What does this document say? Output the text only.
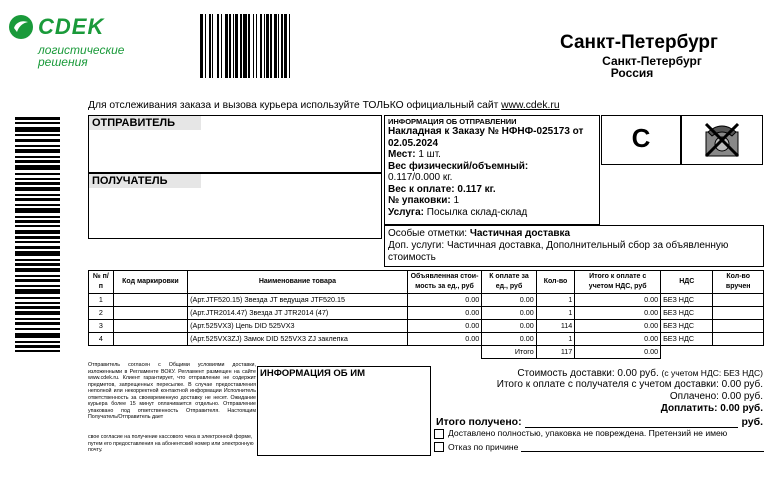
СDEK
логистические
решения
Санкт-Петербург
Санкт-Петербург
Россия
Для отслеживания заказа и вызова курьера используйте ТОЛЬКО официальный сайт www.cdek.ru
ОТПРАВИТЕЛЬ
ПОЛУЧАТЕЛЬ
ИНФОРМАЦИЯ ОБ ОТПРАВЛЕНИИ
Накладная к Заказу № НФНФ-025173 от 02.05.2024
Мест: 1 шт.
Вес физический/объемный:
0.117/0.000 кг.
Вес к оплате: 0.117 кг.
№ упаковки: 1
Услуга: Посылка склад-склад
C
Особые отметки: Частичная доставка
Доп. услуги: Частичная доставка, Дополнительный сбор за объявленную стоимость
№ п/п	Код маркировки	Наименование товара	Объявленная стои-мость за ед., руб	К оплате за ед., руб	Кол-во	Итого к оплате с учетом НДС, руб	НДС	Кол-во вручен
1		(Арт.JTF520.15) Звезда JT ведущая JTF520.15	0.00	0.00	1	0.00	БЕЗ НДС	
2		(Арт.JTR2014.47) Звезда JT JTR2014 (47)	0.00	0.00	1	0.00	БЕЗ НДС	
3		(Арт.525VX3) Цепь DID 525VX3	0.00	0.00	114	0.00	БЕЗ НДС	
4		(Арт.525VX3ZJ) Замок DID 525VX3 ZJ заклепка	0.00	0.00	1	0.00	БЕЗ НДС	
				Итого	117	0.00		
Отправитель согласен с Общими условиями доставки, изложенными в Регламенте ВОКУ. Регламент размещен на сайте www.cdek.ru. Клиент гарантирует, что отправление не содержит предметов, запрещенных пересылке. В случае предоставления неполной или некорректной контактной информации Исполнитель ответственность за своевременную доставку не несет. Ожидание курьера более 15 минут оплачивается отдельно. Отправление упаковано под ответственность Отправителя. Настоящим Получатель/Отправитель дает
свое согласие на получение кассового чека в электронной форме, путем его предоставления на абонентский номер или электронную почту.
ИНФОРМАЦИЯ ОБ ИМ	Стоимость доставки: 0.00 руб. (с учетом НДС: БЕЗ НДС)
Итого к оплате с получателя с учетом доставки: 0.00 руб.
Оплачено: 0.00 руб.
Доплатить: 0.00 руб.
Итого получено:	руб.
Доставлено полностью, упаковка не повреждена. Претензий не имею
Отказ по причине
